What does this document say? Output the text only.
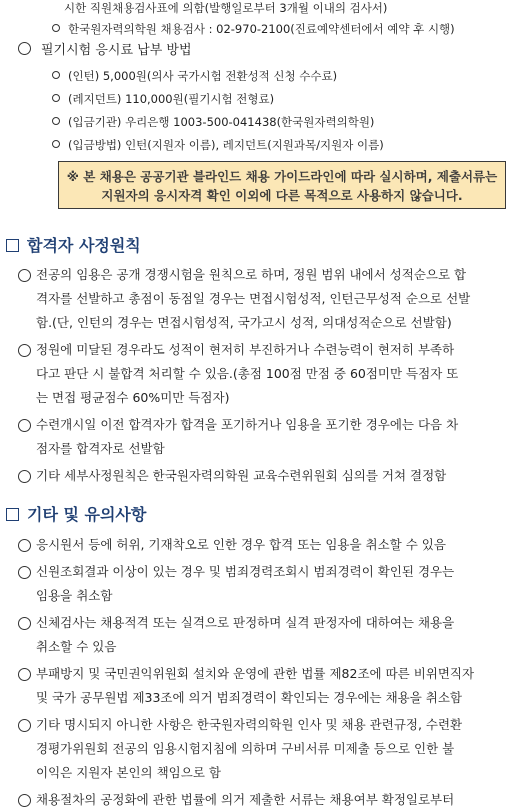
시한 직원채용검사표에 의함(발행일로부터 3개월 이내의 검사서)
한국원자력의학원 채용검사 : 02-970-2100(진료예약센터에서 예약 후 시행)
필기시험 응시료 납부 방법
(인턴) 5,000원(의사 국가시험 전환성적 신청 수수료)
(레지던트) 110,000원(필기시험 전형료)
(입금기관) 우리은행 1003-500-041438(한국원자력의학원)
(입금방법) 인턴(지원자 이름), 레지던트(지원과목/지원자 이름)
※ 본 채용은 공공기관 블라인드 채용 가이드라인에 따라 실시하며, 제출서류는
지원자의 응시자격 확인 이외에 다른 목적으로 사용하지 않습니다.
합격자 사정원칙
전공의 임용은 공개 경쟁시험을 원칙으로 하며, 정원 범위 내에서 성적순으로 합
격자를 선발하고 총점이 동점일 경우는 면접시험성적, 인턴근무성적 순으로 선발
함.(단, 인턴의 경우는 면접시험성적, 국가고시 성적, 의대성적순으로 선발함)
정원에 미달된 경우라도 성적이 현저히 부진하거나 수련능력이 현저히 부족하
다고 판단 시 불합격 처리할 수 있음.(총점 100점 만점 중 60점미만 득점자 또
는 면접 평균점수 60%미만 득점자)
수련개시일 이전 합격자가 합격을 포기하거나 임용을 포기한 경우에는 다음 차
점자를 합격자로 선발함
기타 세부사정원칙은 한국원자력의학원 교육수련위원회 심의를 거쳐 결정함
기타 및 유의사항
응시원서 등에 허위, 기재착오로 인한 경우 합격 또는 임용을 취소할 수 있음
신원조회결과 이상이 있는 경우 및 범죄경력조회시 범죄경력이 확인된 경우는
임용을 취소함
신체검사는 채용적격 또는 실격으로 판정하며 실격 판정자에 대하여는 채용을
취소할 수 있음
부패방지 및 국민권익위원회 설치와 운영에 관한 법률 제82조에 따른 비위면직자
및 국가 공무원법 제33조에 의거 범죄경력이 확인되는 경우에는 채용을 취소함
기타 명시되지 아니한 사항은 한국원자력의학원 인사 및 채용 관련규정, 수련환
경평가위원회 전공의 임용시험지침에 의하며 구비서류 미제출 등으로 인한 불
이익은 지원자 본인의 책임으로 함
채용절차의 공정화에 관한 법률에 의거 제출한 서류는 채용여부 확정일로부터
